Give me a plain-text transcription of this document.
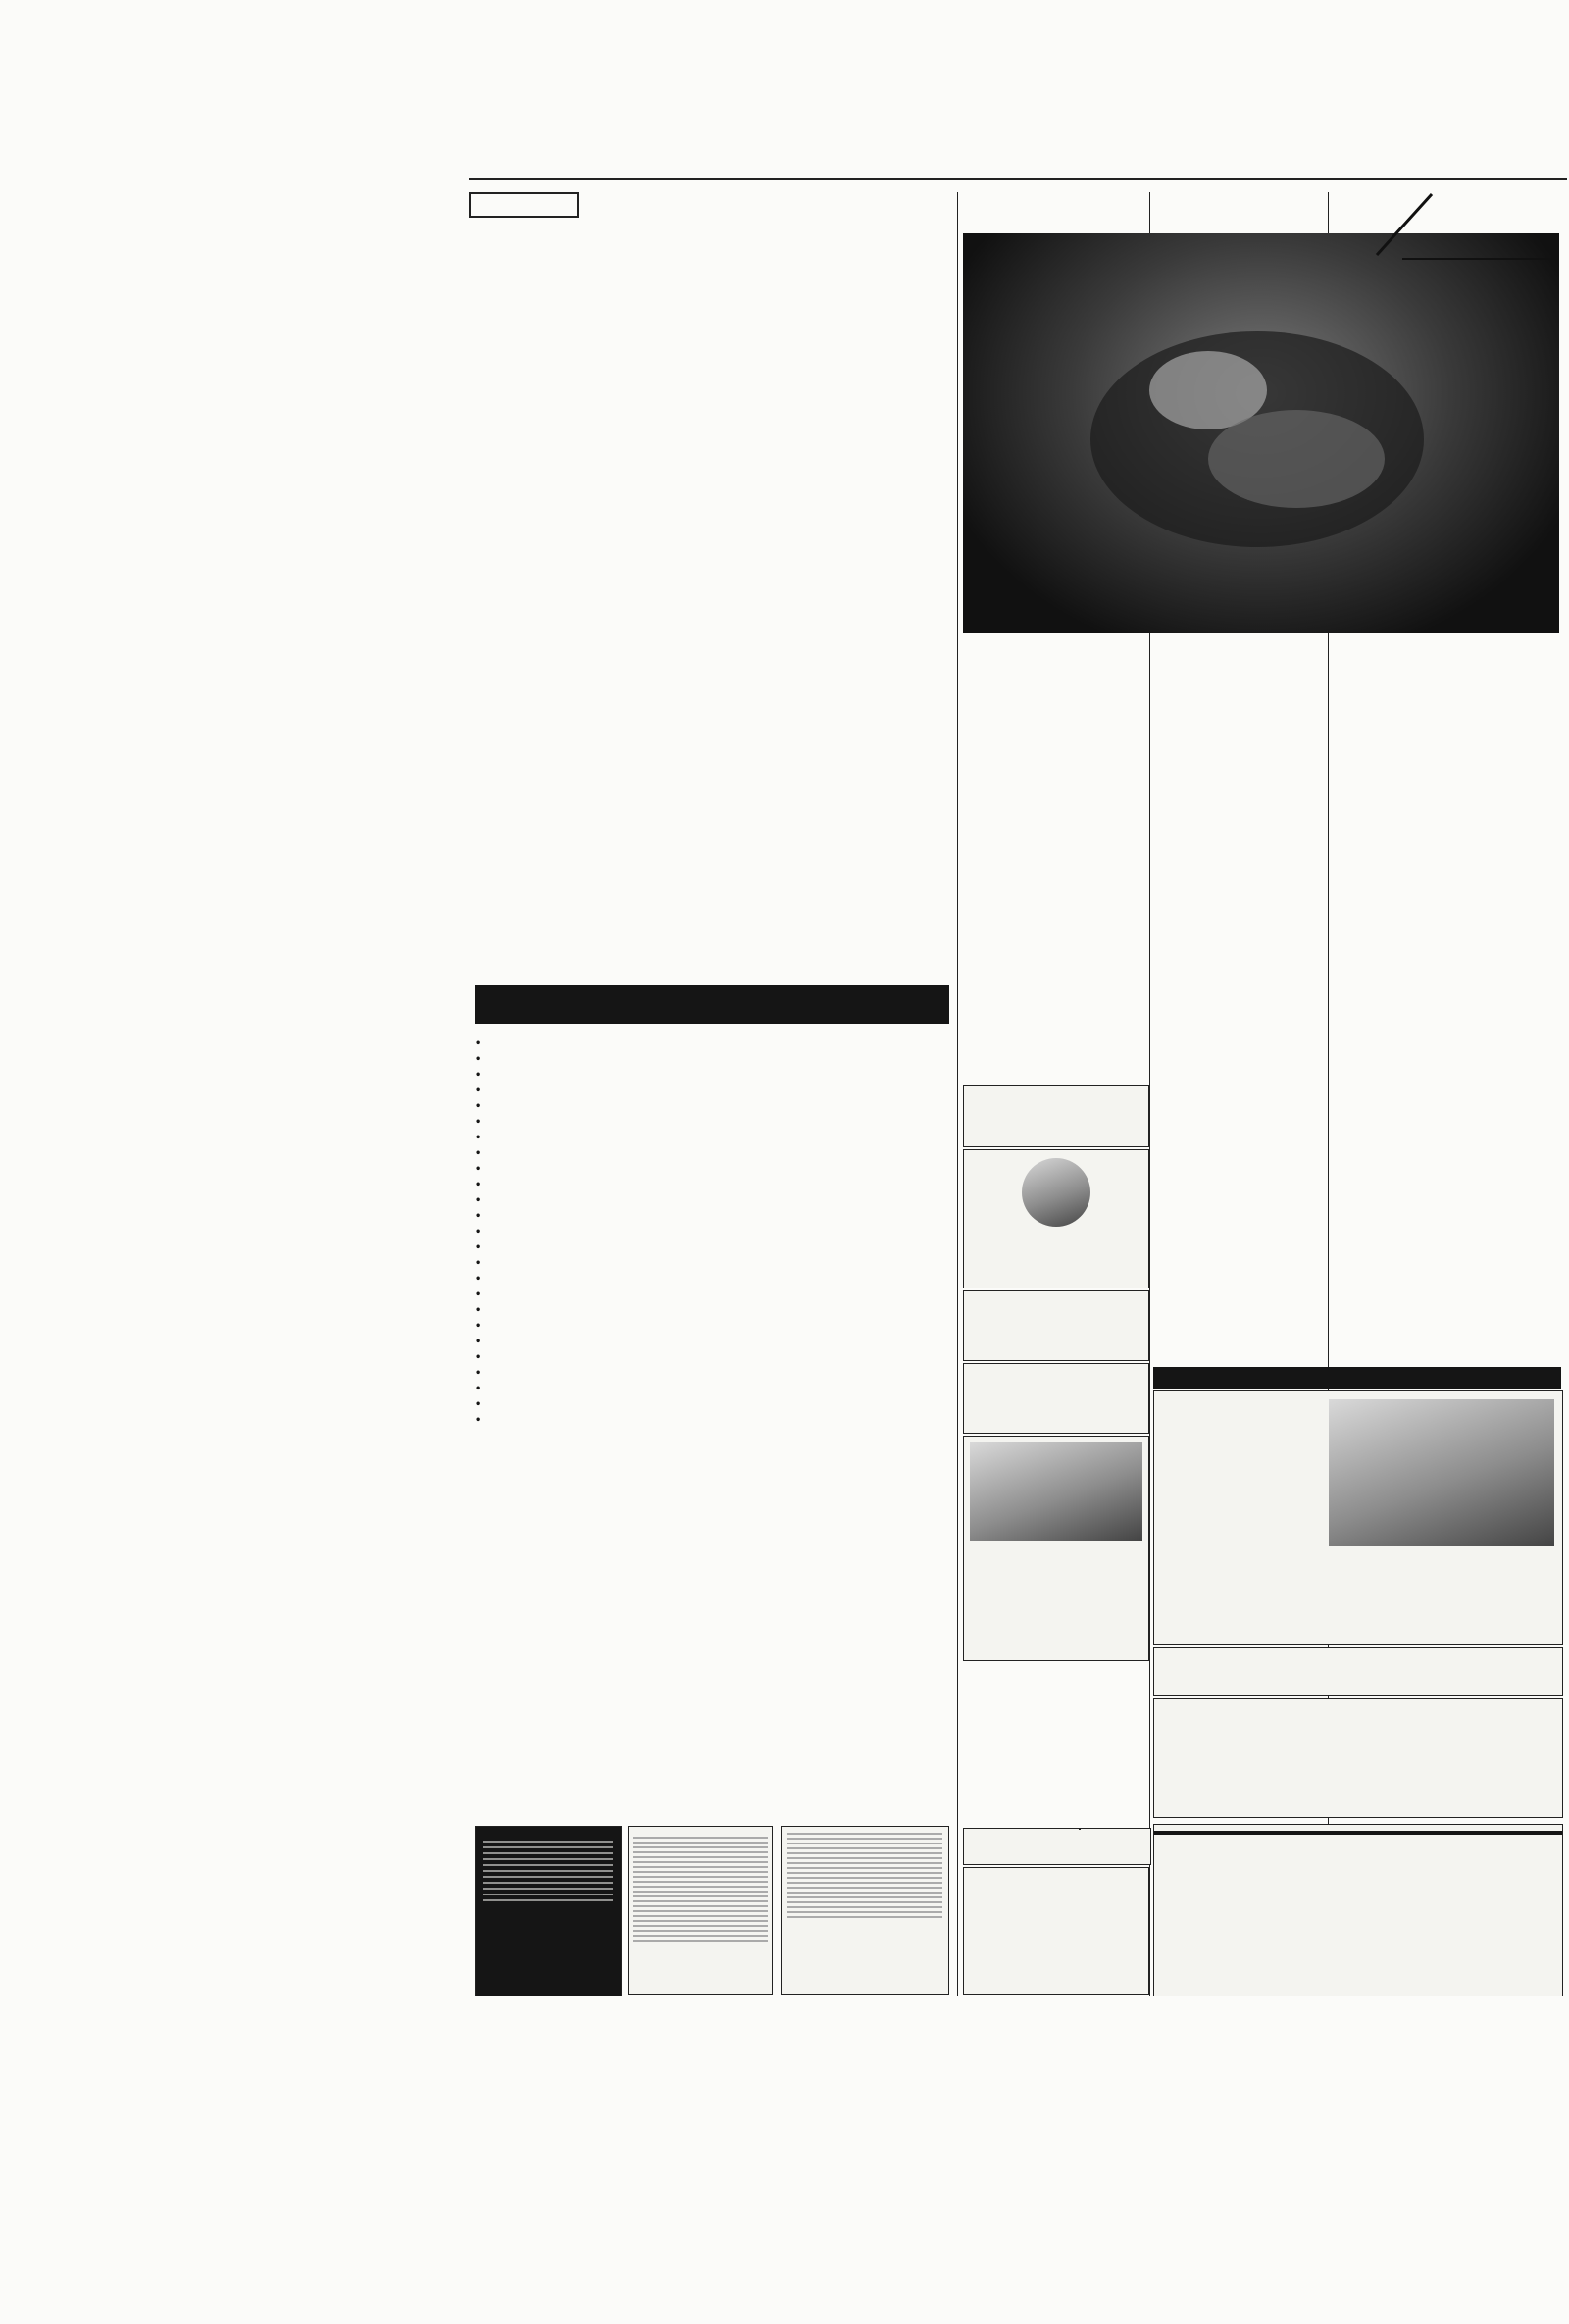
•
•
•
•
•
•
•
•
•
•
•
•
•
•
•
•
•
•
•
•
•
•
•
•
•
